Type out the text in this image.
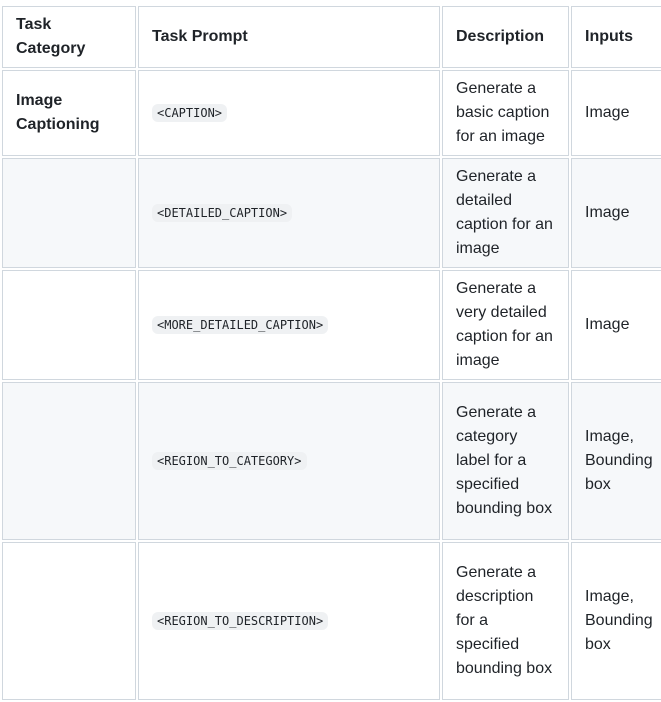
Task Category	Task Prompt	Description	Inputs
Image Captioning	<CAPTION>	Generate a basic caption for an image	Image
	<DETAILED_CAPTION>	Generate a detailed caption for an image	Image
	<MORE_DETAILED_CAPTION>	Generate a very detailed caption for an image	Image
	<REGION_TO_CATEGORY>	Generate a category label for a specified bounding box	Image, Bounding box
	<REGION_TO_DESCRIPTION>	Generate a description for a specified bounding box	Image, Bounding box
